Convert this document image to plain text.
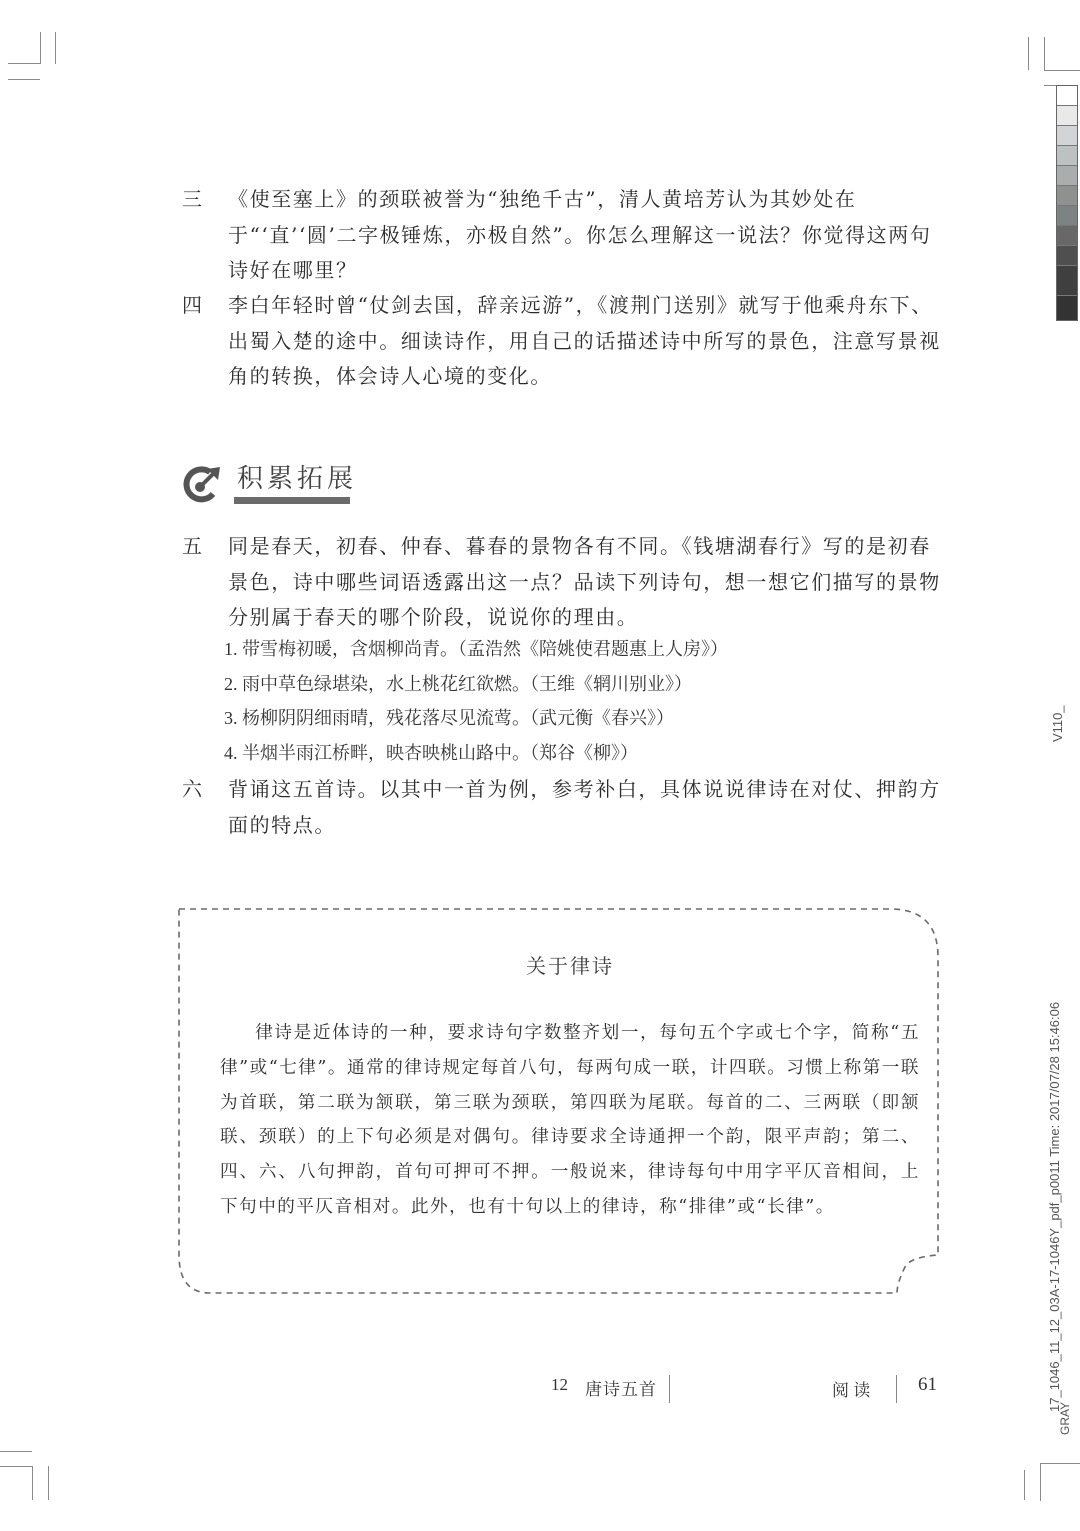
三	《使至塞上》的颈联被誉为“独绝千古”，清人黄培芳认为其妙处在于“‘直’‘圆’二字极锤炼，亦极自然”。你怎么理解这一说法？你觉得这两句诗好在哪里？
四	李白年轻时曾“仗剑去国，辞亲远游”，《渡荆门送别》就写于他乘舟东下、出蜀入楚的途中。细读诗作，用自己的话描述诗中所写的景色，注意写景视角的转换，体会诗人心境的变化。
积累拓展
五	同是春天，初春、仲春、暮春的景物各有不同。《钱塘湖春行》写的是初春景色，诗中哪些词语透露出这一点？品读下列诗句，想一想它们描写的景物分别属于春天的哪个阶段，说说你的理由。
1. 带雪梅初暖，含烟柳尚青。（孟浩然《陪姚使君题惠上人房》）
2. 雨中草色绿堪染，水上桃花红欲燃。（王维《辋川别业》）
3. 杨柳阴阴细雨晴，残花落尽见流莺。（武元衡《春兴》）
4. 半烟半雨江桥畔，映杏映桃山路中。（郑谷《柳》）
六	背诵这五首诗。以其中一首为例，参考补白，具体说说律诗在对仗、押韵方面的特点。
关于律诗
律诗是近体诗的一种，要求诗句字数整齐划一，每句五个字或七个字，简称“五律”或“七律”。通常的律诗规定每首八句，每两句成一联，计四联。习惯上称第一联为首联，第二联为颔联，第三联为颈联，第四联为尾联。每首的二、三两联（即颔联、颈联）的上下句必须是对偶句。律诗要求全诗通押一个韵，限平声韵；第二、四、六、八句押韵，首句可押可不押。一般说来，律诗每句中用字平仄音相间，上下句中的平仄音相对。此外，也有十句以上的律诗，称“排律”或“长律”。
12 唐诗五首	阅 读	61
V110_
17_1046_11_12_03A-17-1046Y_pdf_p0011 Time: 2017/07/28 15:46:06
GRAY
